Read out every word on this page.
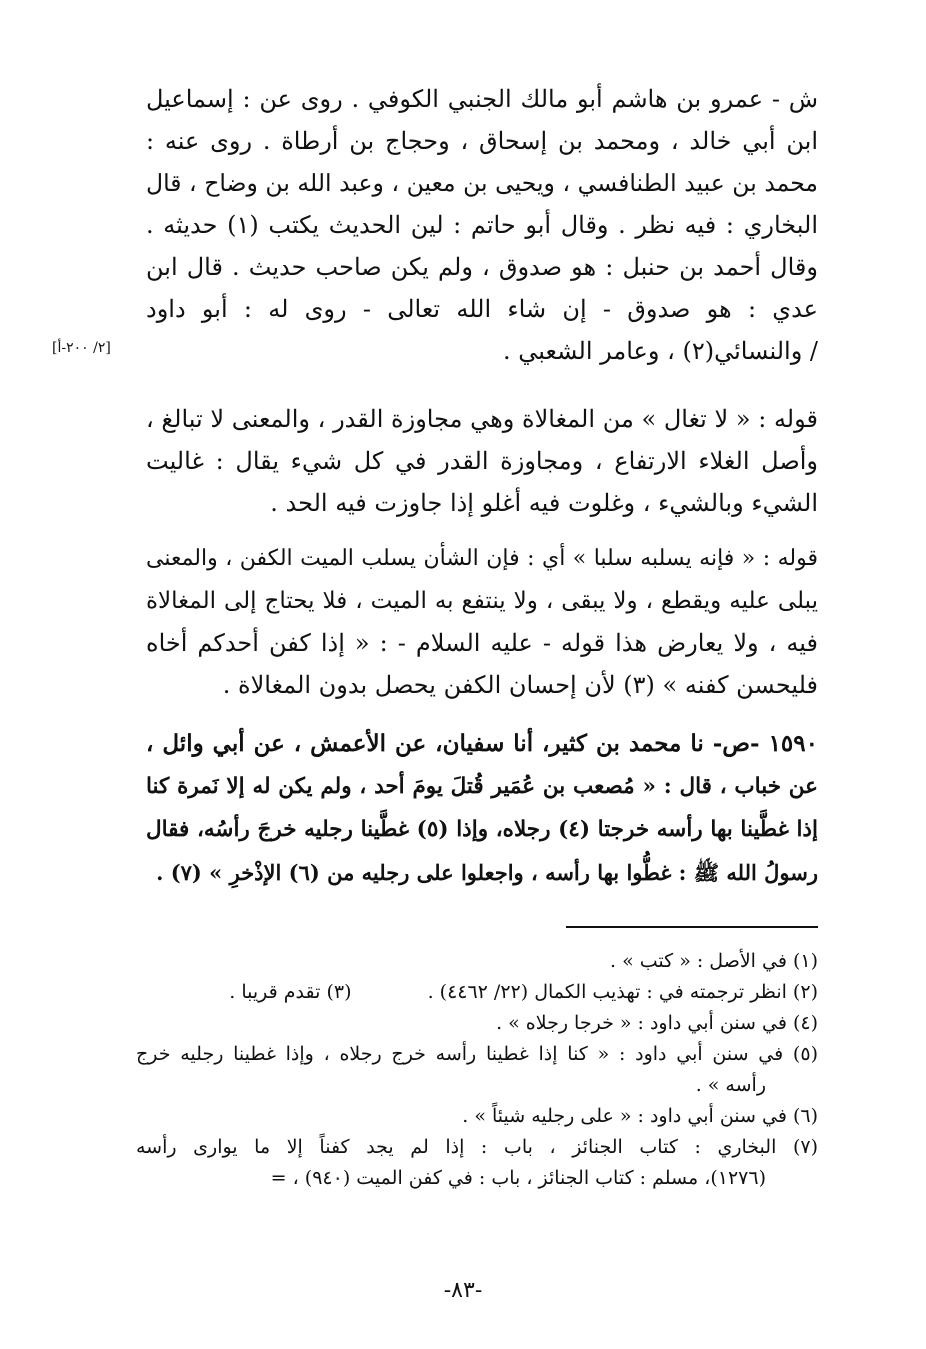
[٢/ ٢٠٠-أ]
ش - عمرو بن هاشم أبو مالك الجنبي الكوفي . روى عن : إسماعيل
ابن أبي خالد ، ومحمد بن إسحاق ، وحجاج بن أرطاة . روى عنه :
محمد بن عبيد الطنافسي ، ويحيى بن معين ، وعبد الله بن وضاح ، قال
البخاري : فيه نظر . وقال أبو حاتم : لين الحديث يكتب (١) حديثه .
وقال أحمد بن حنبل : هو صدوق ، ولم يكن صاحب حديث . قال ابن
عدي : هو صدوق - إن شاء الله تعالى - روى له : أبو داود
/ والنسائي(٢) ، وعامر الشعبي .
قوله : « لا تغال » من المغالاة وهي مجاوزة القدر ، والمعنى لا تبالغ ،
وأصل الغلاء الارتفاع ، ومجاوزة القدر في كل شيء يقال : غاليت
الشيء وبالشيء ، وغلوت فيه أغلو إذا جاوزت فيه الحد .
قوله : « فإنه يسلبه سلبا » أي : فإن الشأن يسلب الميت الكفن ، والمعنى
يبلى عليه ويقطع ، ولا يبقى ، ولا ينتفع به الميت ، فلا يحتاج إلى المغالاة
فيه ، ولا يعارض هذا قوله - عليه السلام - : « إذا كفن أحدكم أخاه
فليحسن كفنه » (٣) لأن إحسان الكفن يحصل بدون المغالاة .
١٥٩٠ -ص- نا محمد بن كثير، أنا سفيان، عن الأعمش ، عن أبي وائل ،
عن خباب ، قال : « مُصعب بن عُمَير قُتلَ يومَ أحد ، ولم يكن له إلا نَمرة كنا
إذا غطَّينا بها رأسه خرجتا (٤) رجلاه، وإذا (٥) غطَّينا رجليه خرجَ رأسُه، فقال
رسولُ الله ﷺ : غطُّوا بها رأسه ، واجعلوا على رجليه من (٦) الإذْخرِ » (٧) .
(١) في الأصل : « كتب » .
(٢) انظر ترجمته في : تهذيب الكمال (٢٢/ ٤٤٦٢) . (٣) تقدم قريبا .
(٤) في سنن أبي داود : « خرجا رجلاه » .
(٥) في سنن أبي داود : « كنا إذا غطينا رأسه خرج رجلاه ، وإذا غطينا رجليه خرج
رأسه » .
(٦) في سنن أبي داود : « على رجليه شيئاً » .
(٧) البخاري : كتاب الجنائز ، باب : إذا لم يجد كفناً إلا ما يوارى رأسه
(١٢٧٦)، مسلم : كتاب الجنائز ، باب : في كفن الميت (٩٤٠) ، =
-٨٣-
